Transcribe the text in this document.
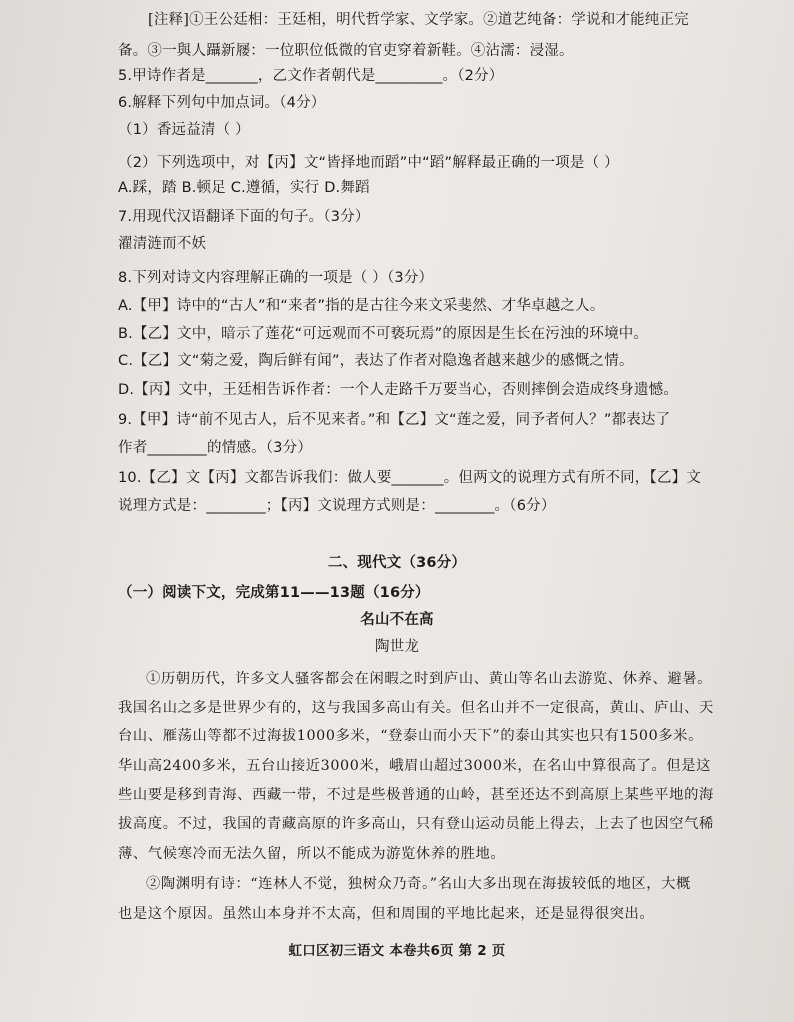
[注释]①王公廷相：王廷相，明代哲学家、文学家。②道艺纯备：学说和才能纯正完
备。③一與人躡新屦：一位职位低微的官吏穿着新鞋。④沾濡：浸湿。
5.甲诗作者是_______，乙文作者朝代是_________。（2分）
6.解释下列句中加点词。（4分）
（1）香远益清（ ）
（2）下列选项中，对【丙】文“皆择地而蹈”中“蹈”解释最正确的一项是（ ）
A.踩，踏 B.顿足 C.遵循，实行 D.舞蹈
7.用现代汉语翻译下面的句子。（3分）
濯清涟而不妖
8.下列对诗文内容理解正确的一项是（ ）（3分）
A.【甲】诗中的“古人”和“来者”指的是古往今来文采斐然、才华卓越之人。
B.【乙】文中，暗示了莲花“可远观而不可亵玩焉”的原因是生长在污浊的环境中。
C.【乙】文“菊之爱，陶后鲜有闻”，表达了作者对隐逸者越来越少的感慨之情。
D.【丙】文中，王廷相告诉作者：一个人走路千万要当心，否则摔倒会造成终身遗憾。
9.【甲】诗“前不见古人，后不见来者。”和【乙】文“莲之爱，同予者何人？”都表达了
作者________的情感。（3分）
10.【乙】文【丙】文都告诉我们：做人要_______。但两文的说理方式有所不同，【乙】文
说理方式是：________；【丙】文说理方式则是：________。（6分）
二、现代文（36分）
（一）阅读下文，完成第11——13题（16分）
名山不在高
陶世龙
①历朝历代，许多文人骚客都会在闲暇之时到庐山、黄山等名山去游览、休养、避暑。
我国名山之多是世界少有的，这与我国多高山有关。但名山并不一定很高，黄山、庐山、天
台山、雁荡山等都不过海拔1000多米，“登泰山而小天下”的泰山其实也只有1500多米。
华山高2400多米，五台山接近3000米，峨眉山超过3000米，在名山中算很高了。但是这
些山要是移到青海、西藏一带，不过是些极普通的山岭，甚至还达不到高原上某些平地的海
拔高度。不过，我国的青藏高原的许多高山，只有登山运动员能上得去，上去了也因空气稀
薄、气候寒冷而无法久留，所以不能成为游览休养的胜地。
②陶渊明有诗：“连林人不觉，独树众乃奇。”名山大多出现在海拔较低的地区，大概
也是这个原因。虽然山本身并不太高，但和周围的平地比起来，还是显得很突出。
虹口区初三语文 本卷共6页 第 2 页
